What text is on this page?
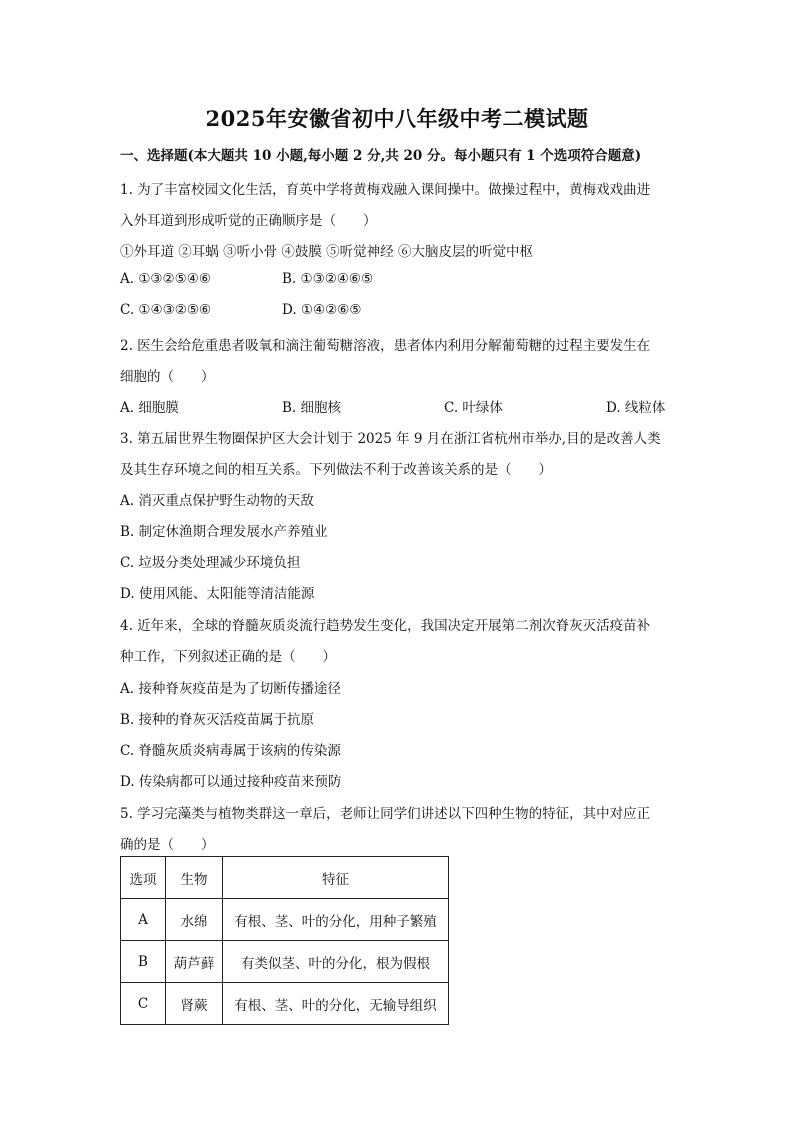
2025年安徽省初中八年级中考二模试题
一、选择题(本大题共 10 小题,每小题 2 分,共 20 分。每小题只有 1 个选项符合题意)
1. 为了丰富校园文化生活，育英中学将黄梅戏融入课间操中。做操过程中，黄梅戏戏曲进
入外耳道到形成听觉的正确顺序是（　　）
①外耳道 ②耳蜗 ③听小骨 ④鼓膜 ⑤听觉神经 ⑥大脑皮层的听觉中枢
A. ①③②⑤④⑥	B. ①③②④⑥⑤
C. ①④③②⑤⑥	D. ①④②⑥⑤
2. 医生会给危重患者吸氧和滴注葡萄糖溶液，患者体内利用分解葡萄糖的过程主要发生在
细胞的（　　）
A. 细胞膜	B. 细胞核	C. 叶绿体	D. 线粒体
3. 第五届世界生物圈保护区大会计划于 2025 年 9 月在浙江省杭州市举办,目的是改善人类
及其生存环境之间的相互关系。下列做法不利于改善该关系的是（　　）
A. 消灭重点保护野生动物的天敌
B. 制定休渔期合理发展水产养殖业
C. 垃圾分类处理减少环境负担
D. 使用风能、太阳能等清洁能源
4. 近年来，全球的脊髓灰质炎流行趋势发生变化，我国决定开展第二剂次脊灰灭活疫苗补
种工作，下列叙述正确的是（　　）
A. 接种脊灰疫苗是为了切断传播途径
B. 接种的脊灰灭活疫苗属于抗原
C. 脊髓灰质炎病毒属于该病的传染源
D. 传染病都可以通过接种疫苗来预防
5. 学习完藻类与植物类群这一章后，老师让同学们讲述以下四种生物的特征，其中对应正
确的是（　　）
选项	生物	特征
A	水绵	有根、茎、叶的分化，用种子繁殖
B	葫芦藓	有类似茎、叶的分化，根为假根
C	肾蕨	有根、茎、叶的分化，无输导组织
